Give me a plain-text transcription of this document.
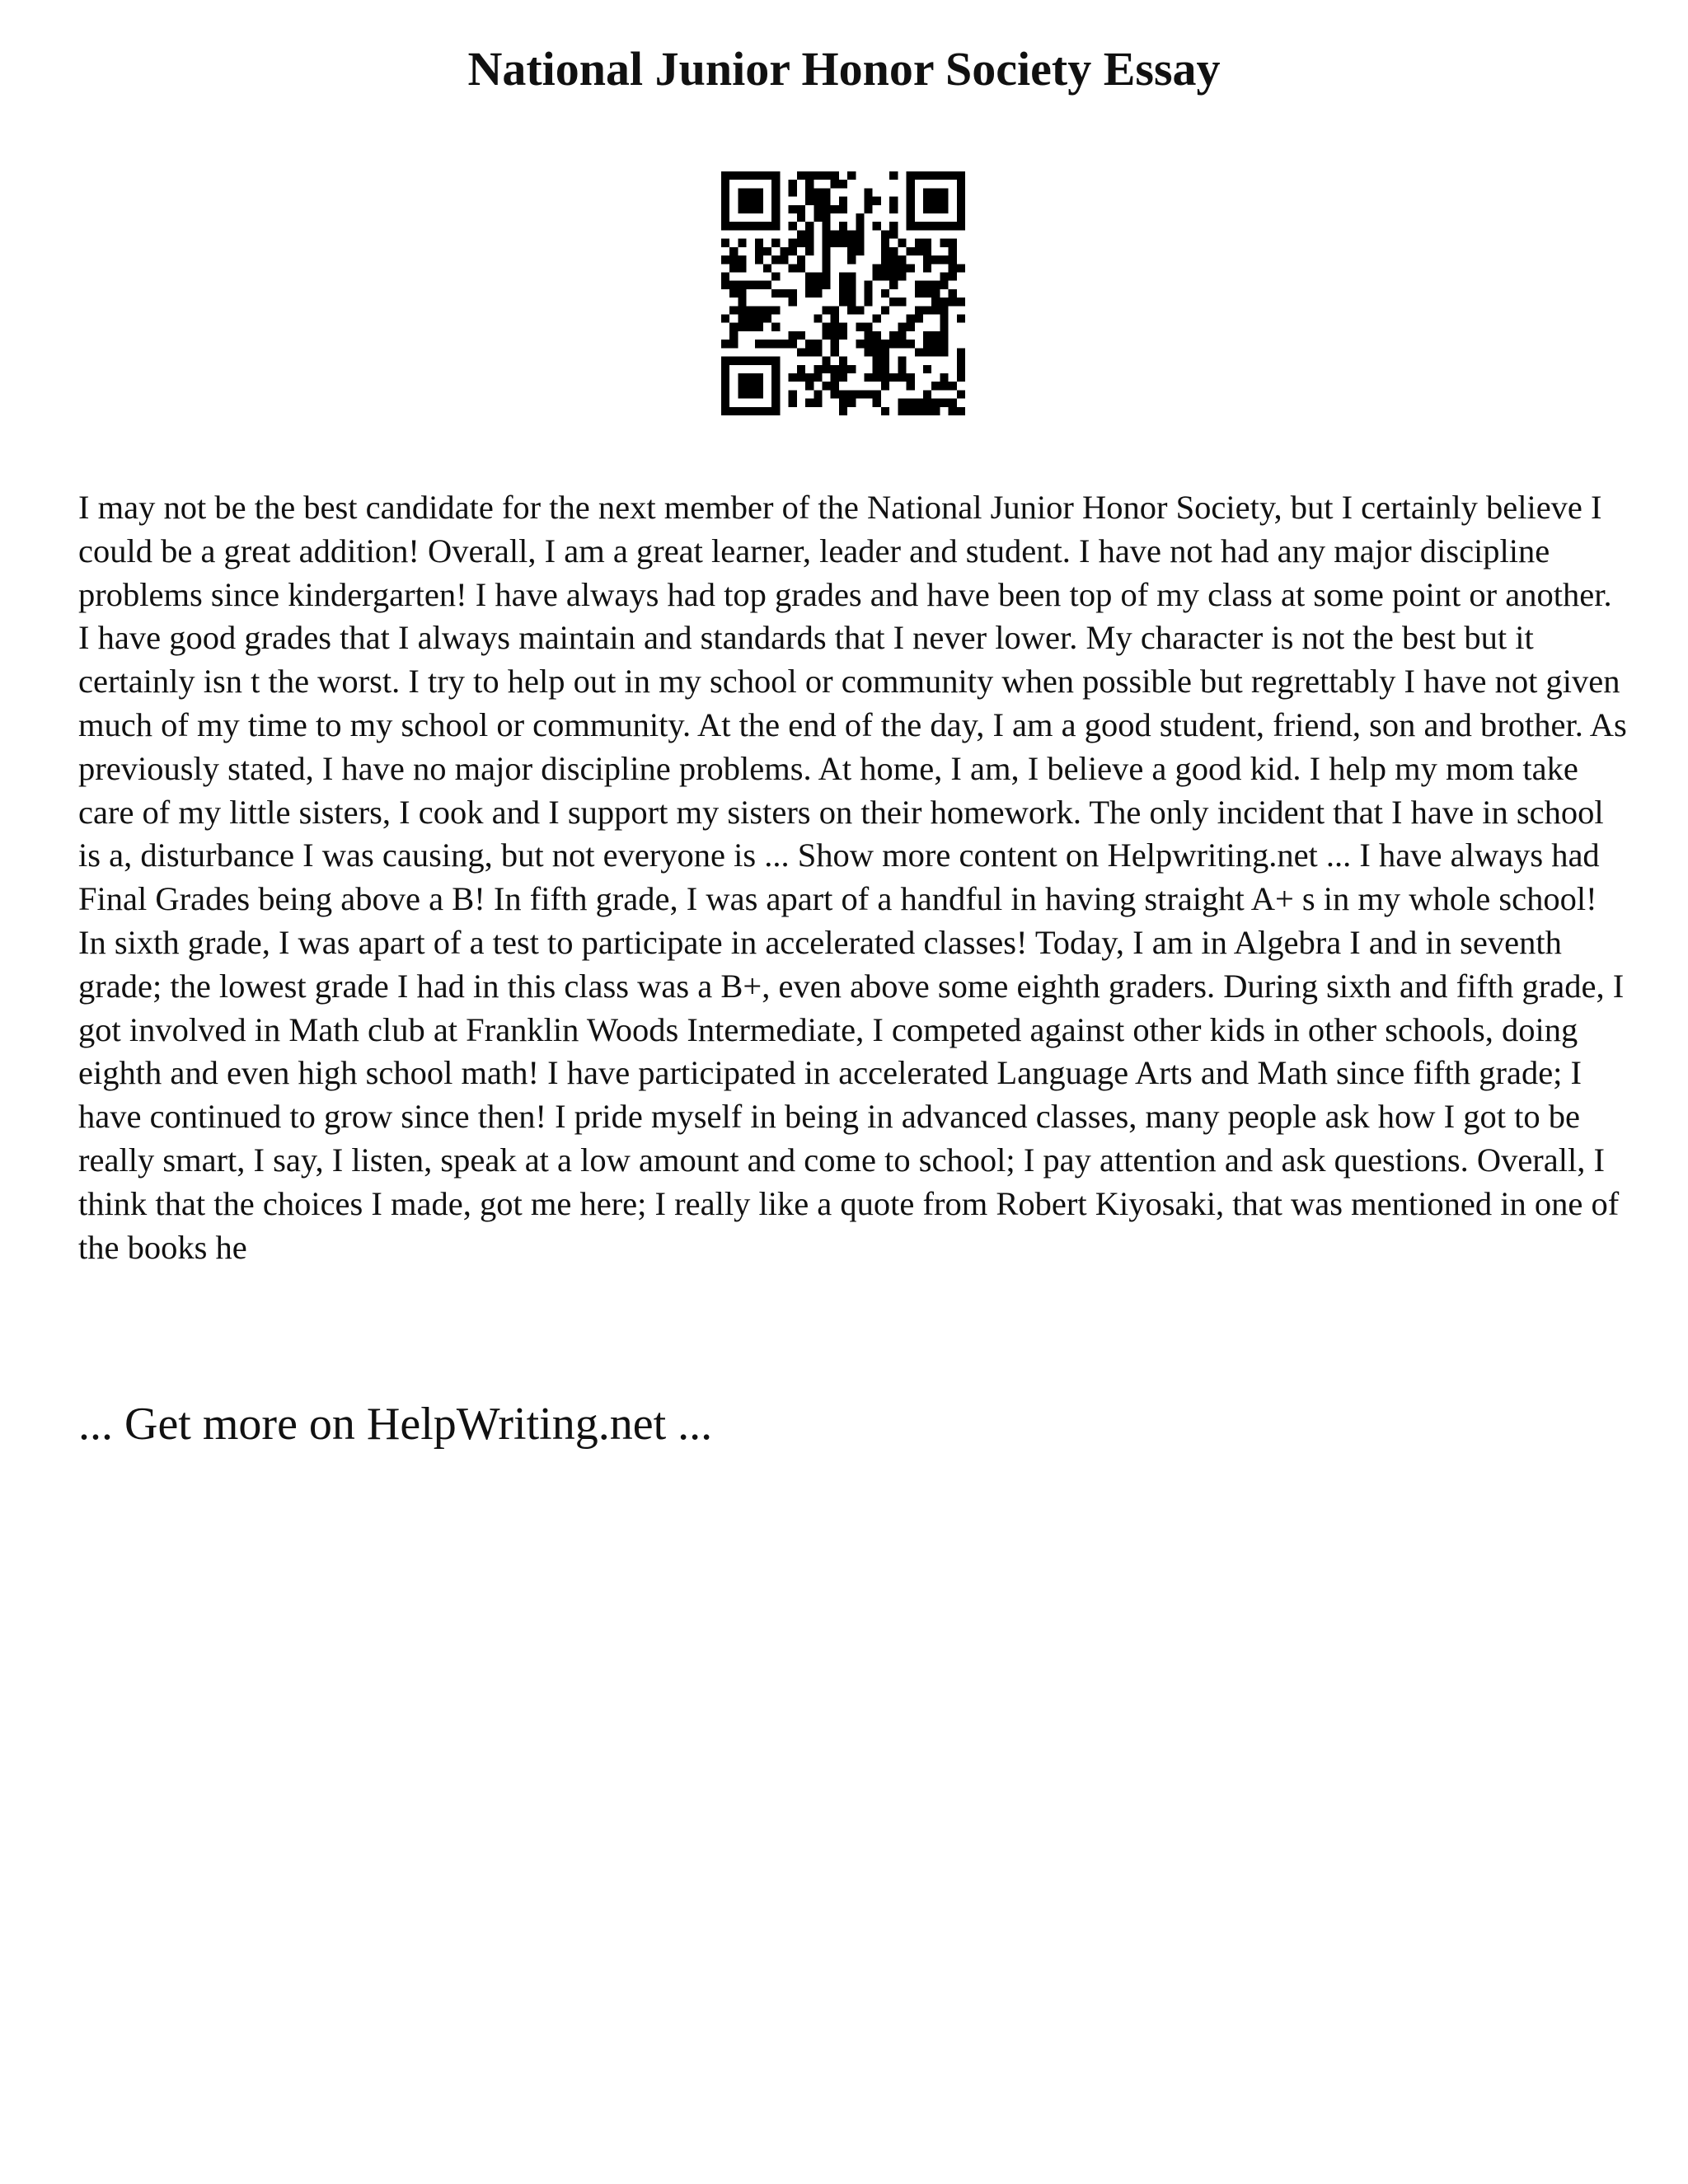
National Junior Honor Society Essay

I may not be the best candidate for the next member of the National Junior Honor Society, but I certainly believe I could be a great addition! Overall, I am a great learner, leader and student. I have not had any major discipline problems since kindergarten! I have always had top grades and have been top of my class at some point or another. I have good grades that I always maintain and standards that I never lower. My character is not the best but it certainly isn t the worst. I try to help out in my school or community when possible but regrettably I have not given much of my time to my school or community. At the end of the day, I am a good student, friend, son and brother. As previously stated, I have no major discipline problems. At home, I am, I believe a good kid. I help my mom take care of my little sisters, I cook and I support my sisters on their homework. The only incident that I have in school is a, disturbance I was causing, but not everyone is ... Show more content on Helpwriting.net ... I have always had Final Grades being above a B! In fifth grade, I was apart of a handful in having straight A+ s in my whole school! In sixth grade, I was apart of a test to participate in accelerated classes! Today, I am in Algebra I and in seventh grade; the lowest grade I had in this class was a B+, even above some eighth graders. During sixth and fifth grade, I got involved in Math club at Franklin Woods Intermediate, I competed against other kids in other schools, doing eighth and even high school math! I have participated in accelerated Language Arts and Math since fifth grade; I have continued to grow since then! I pride myself in being in advanced classes, many people ask how I got to be really smart, I say, I listen, speak at a low amount and come to school; I pay attention and ask questions. Overall, I think that the choices I made, got me here; I really like a quote from Robert Kiyosaki, that was mentioned in one of the books he

... Get more on HelpWriting.net ...
